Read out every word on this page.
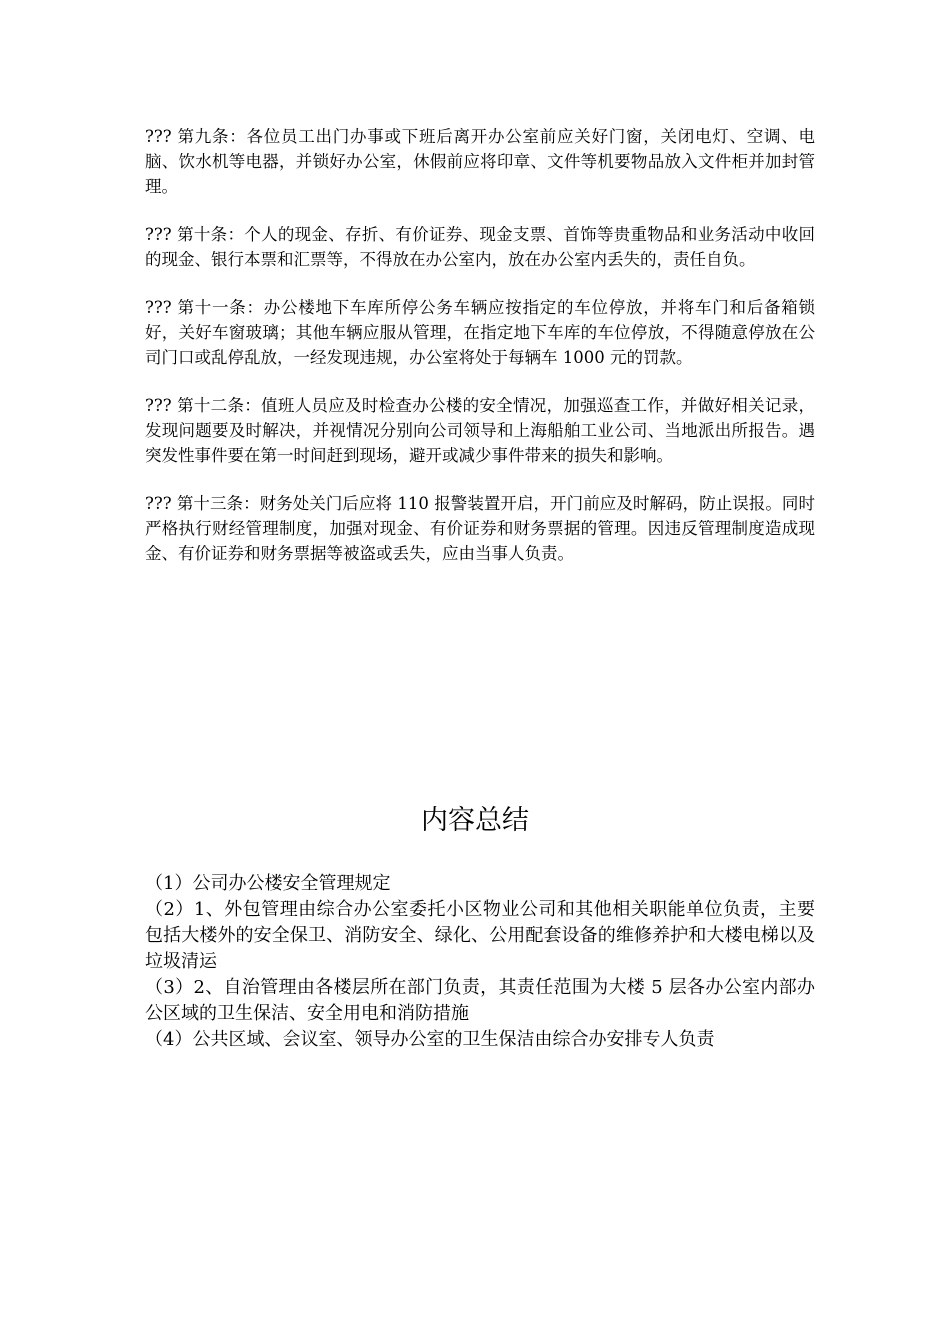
??? 第九条：各位员工出门办事或下班后离开办公室前应关好门窗，关闭电灯、空调、电脑、饮水机等电器，并锁好办公室，休假前应将印章、文件等机要物品放入文件柜并加封管理。

??? 第十条：个人的现金、存折、有价证券、现金支票、首饰等贵重物品和业务活动中收回的现金、银行本票和汇票等，不得放在办公室内，放在办公室内丢失的，责任自负。

??? 第十一条：办公楼地下车库所停公务车辆应按指定的车位停放，并将车门和后备箱锁好，关好车窗玻璃；其他车辆应服从管理，在指定地下车库的车位停放，不得随意停放在公司门口或乱停乱放，一经发现违规，办公室将处于每辆车 1000 元的罚款。

??? 第十二条：值班人员应及时检查办公楼的安全情况，加强巡查工作，并做好相关记录，发现问题要及时解决，并视情况分别向公司领导和上海船舶工业公司、当地派出所报告。遇突发性事件要在第一时间赶到现场，避开或减少事件带来的损失和影响。

??? 第十三条：财务处关门后应将 110 报警装置开启，开门前应及时解码，防止误报。同时严格执行财经管理制度，加强对现金、有价证券和财务票据的管理。因违反管理制度造成现金、有价证券和财务票据等被盗或丢失，应由当事人负责。

内容总结

（1）公司办公楼安全管理规定

（2）1、外包管理由综合办公室委托小区物业公司和其他相关职能单位负责，主要包括大楼外的安全保卫、消防安全、绿化、公用配套设备的维修养护和大楼电梯以及垃圾清运

（3）2、自治管理由各楼层所在部门负责，其责任范围为大楼 5 层各办公室内部办公区域的卫生保洁、安全用电和消防措施

（4）公共区域、会议室、领导办公室的卫生保洁由综合办安排专人负责
